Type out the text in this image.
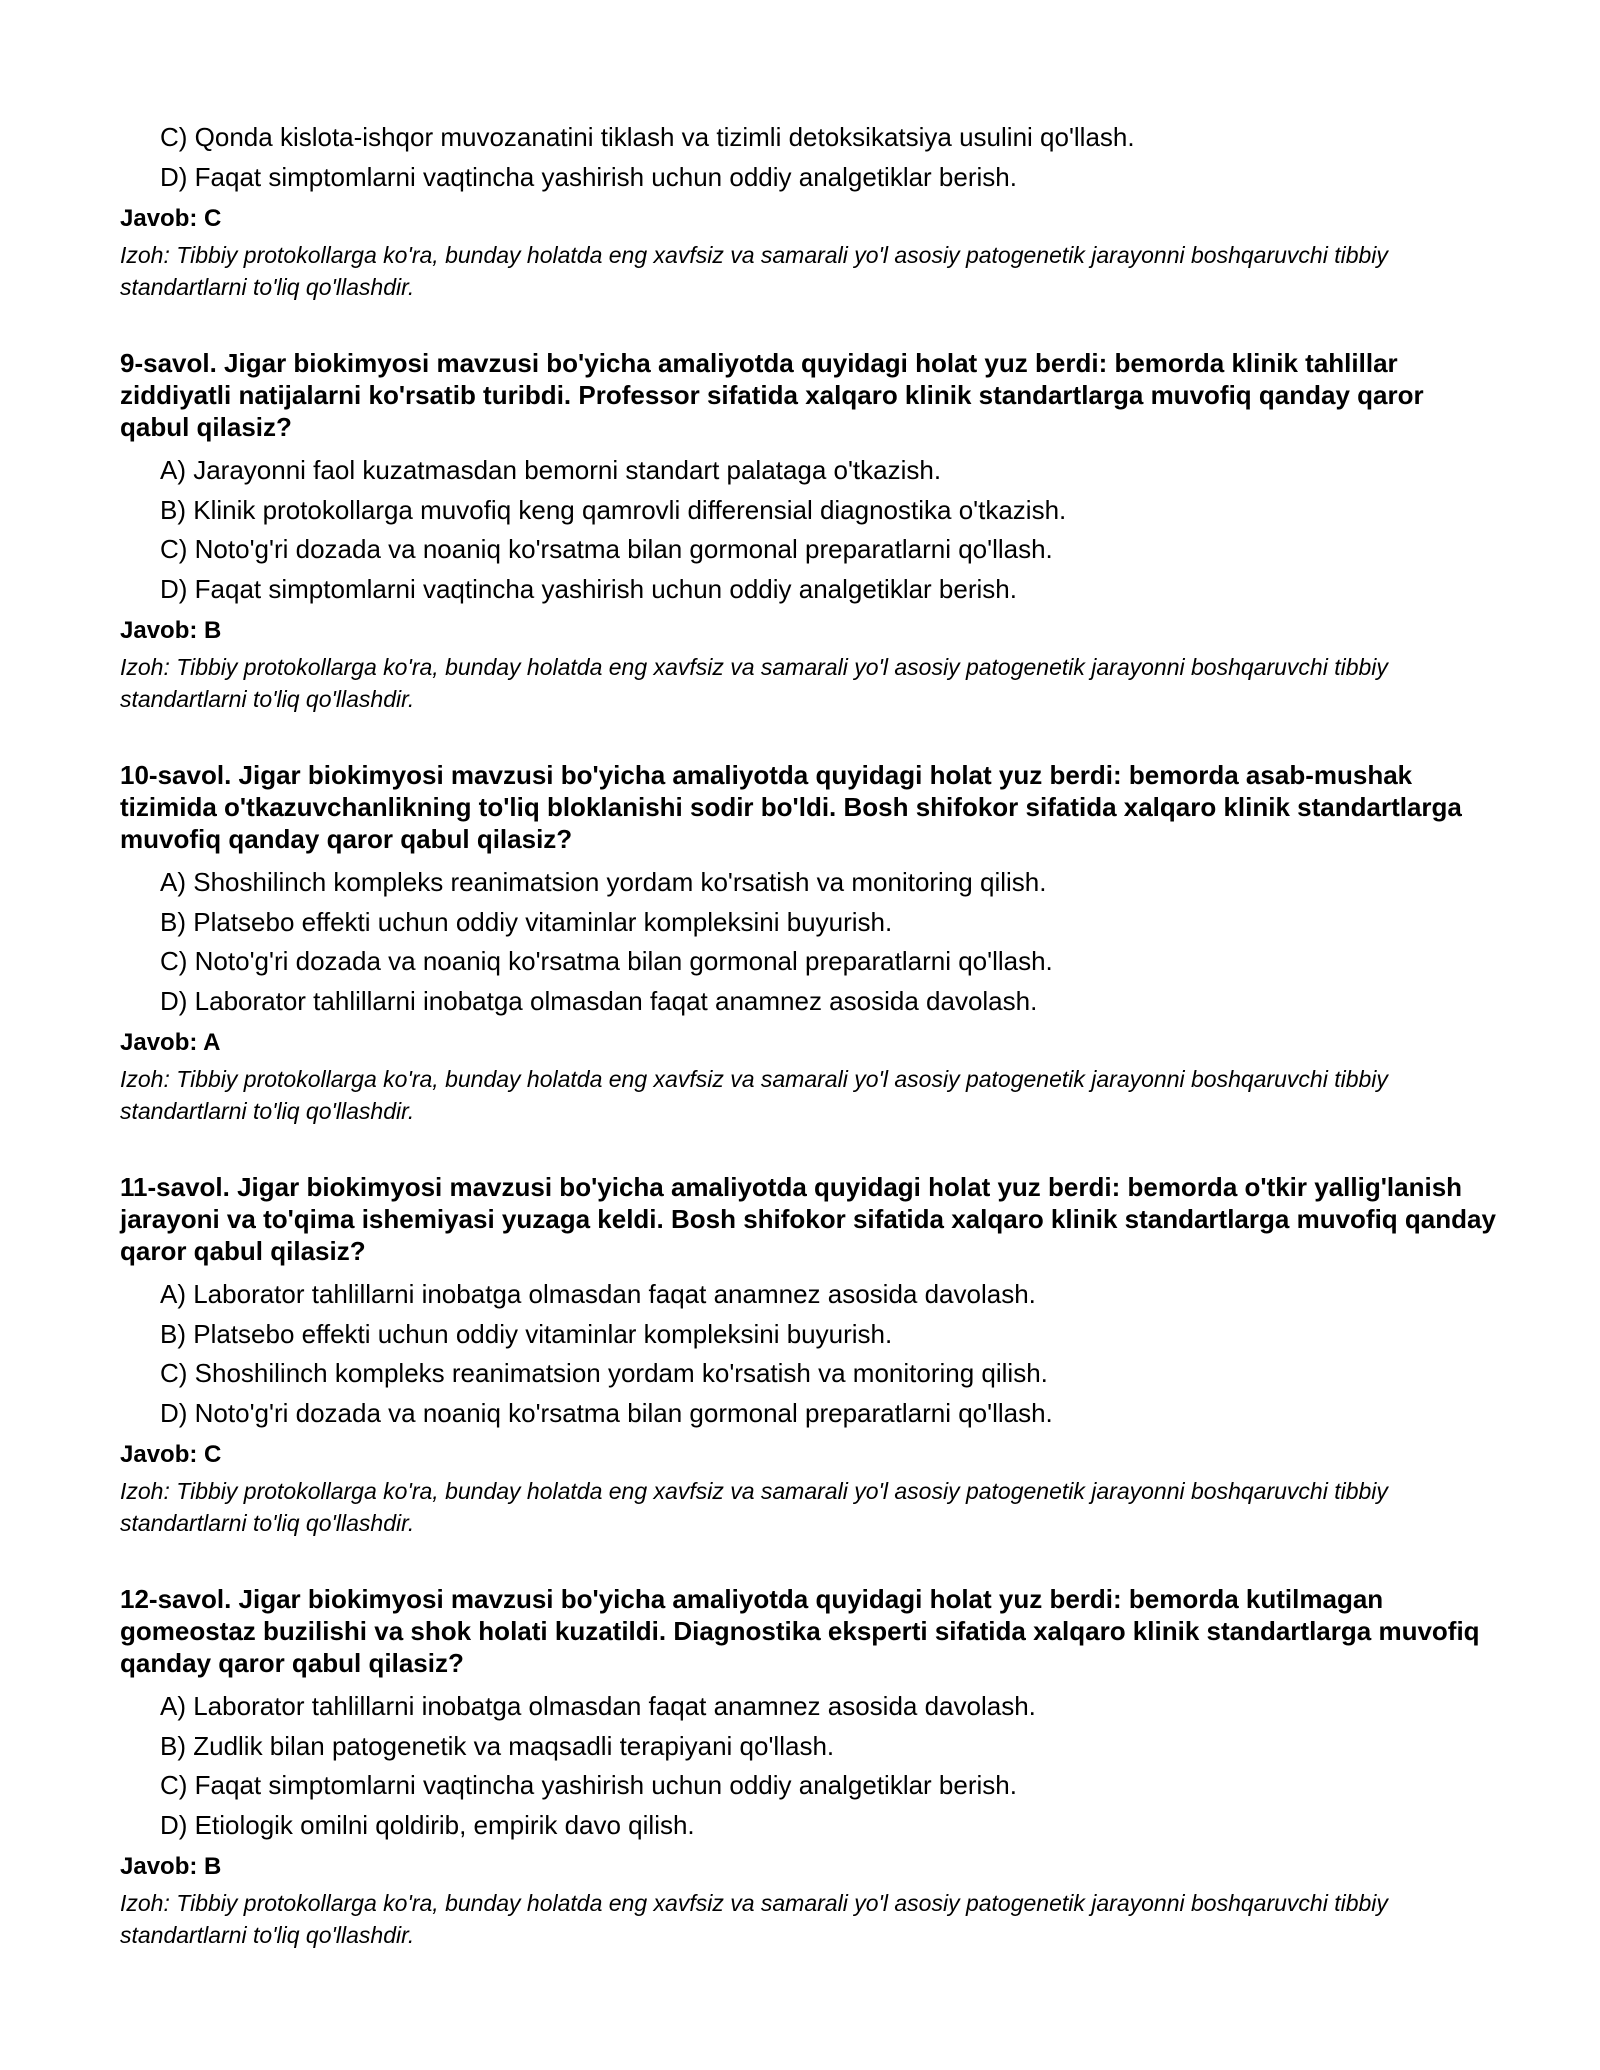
C) Qonda kislota-ishqor muvozanatini tiklash va tizimli detoksikatsiya usulini qo'llash.
D) Faqat simptomlarni vaqtincha yashirish uchun oddiy analgetiklar berish.
Javob: C
Izoh: Tibbiy protokollarga ko'ra, bunday holatda eng xavfsiz va samarali yo'l asosiy patogenetik jarayonni boshqaruvchi tibbiy standartlarni to'liq qo'llashdir.
9-savol. Jigar biokimyosi mavzusi bo'yicha amaliyotda quyidagi holat yuz berdi: bemorda klinik tahlillar ziddiyatli natijalarni ko'rsatib turibdi. Professor sifatida xalqaro klinik standartlarga muvofiq qanday qaror qabul qilasiz?
A) Jarayonni faol kuzatmasdan bemorni standart palataga o'tkazish.
B) Klinik protokollarga muvofiq keng qamrovli differensial diagnostika o'tkazish.
C) Noto'g'ri dozada va noaniq ko'rsatma bilan gormonal preparatlarni qo'llash.
D) Faqat simptomlarni vaqtincha yashirish uchun oddiy analgetiklar berish.
Javob: B
Izoh: Tibbiy protokollarga ko'ra, bunday holatda eng xavfsiz va samarali yo'l asosiy patogenetik jarayonni boshqaruvchi tibbiy standartlarni to'liq qo'llashdir.
10-savol. Jigar biokimyosi mavzusi bo'yicha amaliyotda quyidagi holat yuz berdi: bemorda asab-mushak tizimida o'tkazuvchanlikning to'liq bloklanishi sodir bo'ldi. Bosh shifokor sifatida xalqaro klinik standartlarga muvofiq qanday qaror qabul qilasiz?
A) Shoshilinch kompleks reanimatsion yordam ko'rsatish va monitoring qilish.
B) Platsebo effekti uchun oddiy vitaminlar kompleksini buyurish.
C) Noto'g'ri dozada va noaniq ko'rsatma bilan gormonal preparatlarni qo'llash.
D) Laborator tahlillarni inobatga olmasdan faqat anamnez asosida davolash.
Javob: A
Izoh: Tibbiy protokollarga ko'ra, bunday holatda eng xavfsiz va samarali yo'l asosiy patogenetik jarayonni boshqaruvchi tibbiy standartlarni to'liq qo'llashdir.
11-savol. Jigar biokimyosi mavzusi bo'yicha amaliyotda quyidagi holat yuz berdi: bemorda o'tkir yallig'lanish jarayoni va to'qima ishemiyasi yuzaga keldi. Bosh shifokor sifatida xalqaro klinik standartlarga muvofiq qanday qaror qabul qilasiz?
A) Laborator tahlillarni inobatga olmasdan faqat anamnez asosida davolash.
B) Platsebo effekti uchun oddiy vitaminlar kompleksini buyurish.
C) Shoshilinch kompleks reanimatsion yordam ko'rsatish va monitoring qilish.
D) Noto'g'ri dozada va noaniq ko'rsatma bilan gormonal preparatlarni qo'llash.
Javob: C
Izoh: Tibbiy protokollarga ko'ra, bunday holatda eng xavfsiz va samarali yo'l asosiy patogenetik jarayonni boshqaruvchi tibbiy standartlarni to'liq qo'llashdir.
12-savol. Jigar biokimyosi mavzusi bo'yicha amaliyotda quyidagi holat yuz berdi: bemorda kutilmagan gomeostaz buzilishi va shok holati kuzatildi. Diagnostika eksperti sifatida xalqaro klinik standartlarga muvofiq qanday qaror qabul qilasiz?
A) Laborator tahlillarni inobatga olmasdan faqat anamnez asosida davolash.
B) Zudlik bilan patogenetik va maqsadli terapiyani qo'llash.
C) Faqat simptomlarni vaqtincha yashirish uchun oddiy analgetiklar berish.
D) Etiologik omilni qoldirib, empirik davo qilish.
Javob: B
Izoh: Tibbiy protokollarga ko'ra, bunday holatda eng xavfsiz va samarali yo'l asosiy patogenetik jarayonni boshqaruvchi tibbiy standartlarni to'liq qo'llashdir.
